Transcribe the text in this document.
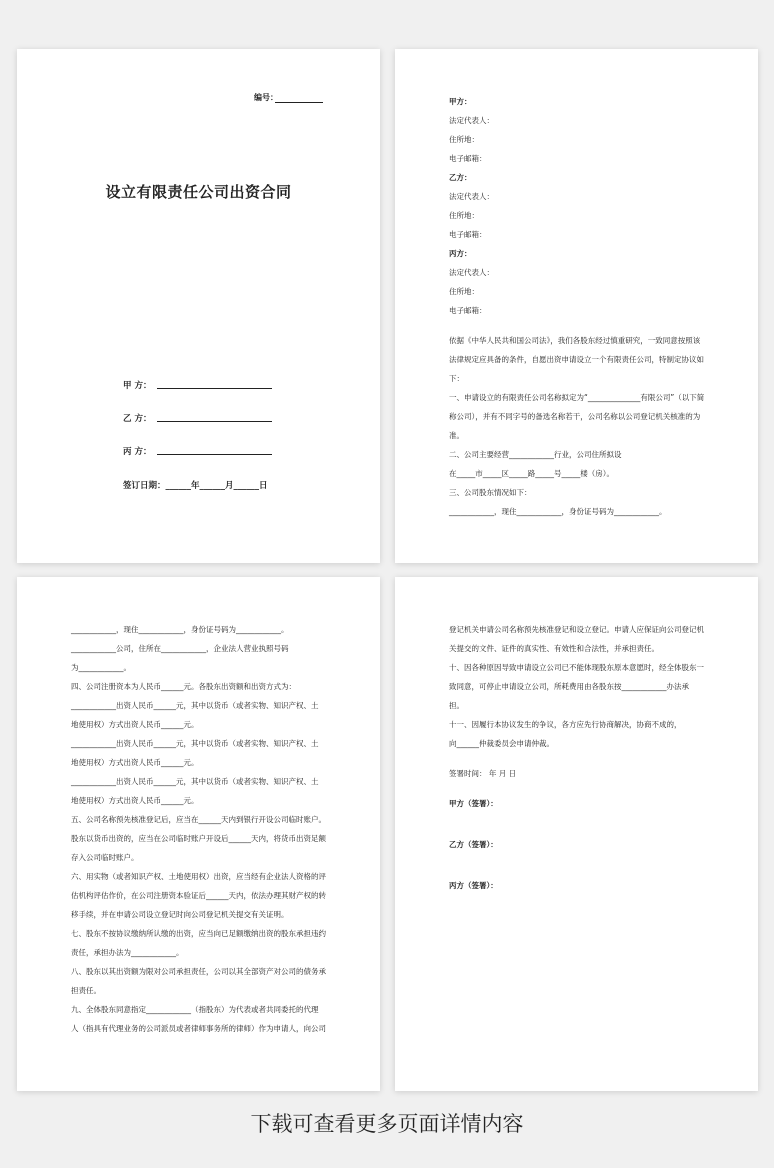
编号：
设立有限责任公司出资合同
甲 方：
乙 方：
丙 方：
签订日期：______年______月______日
甲方：
法定代表人：
住所地：
电子邮箱：
乙方：
法定代表人：
住所地：
电子邮箱：
丙方：
法定代表人：
住所地：
电子邮箱：
依据《中华人民共和国公司法》，我们各股东经过慎重研究，一致同意按照该
法律规定应具备的条件，自愿出资申请设立一个有限责任公司，特制定协议如
下：
一、申请设立的有限责任公司名称拟定为“______________有限公司”（以下简
称公司），并有不同字号的备选名称若干，公司名称以公司登记机关核准的为
准。
二、公司主要经营____________行业，公司住所拟设
在_____市_____区_____路_____号_____楼（房）。
三、公司股东情况如下：
____________，现住____________，身份证号码为____________。
____________，现住____________，身份证号码为____________。
____________公司，住所在____________，企业法人营业执照号码
为____________。
四、公司注册资本为人民币______元。各股东出资额和出资方式为：
____________出资人民币______元，其中以货币（或者实物、知识产权、土
地使用权）方式出资人民币______元。
____________出资人民币______元，其中以货币（或者实物、知识产权、土
地使用权）方式出资人民币______元。
____________出资人民币______元，其中以货币（或者实物、知识产权、土
地使用权）方式出资人民币______元。
五、公司名称预先核准登记后，应当在______天内到银行开设公司临时账户。
股东以货币出资的，应当在公司临时账户开设后______天内，将货币出资足额
存入公司临时账户。
六、用实物（或者知识产权、土地使用权）出资，应当经有企业法人资格的评
估机构评估作价，在公司注册资本验证后______天内，依法办理其财产权的转
移手续，并在申请公司设立登记时向公司登记机关提交有关证明。
七、股东不按协议缴纳所认缴的出资，应当向已足额缴纳出资的股东承担违约
责任，承担办法为____________。
八、股东以其出资额为限对公司承担责任，公司以其全部资产对公司的债务承
担责任。
九、全体股东同意指定____________（指股东）为代表或者共同委托的代理
人（指具有代理业务的公司派员或者律师事务所的律师）作为申请人，向公司
登记机关申请公司名称预先核准登记和设立登记。申请人应保证向公司登记机
关提交的文件、证件的真实性、有效性和合法性，并承担责任。
十、因各种原因导致申请设立公司已不能体现股东原本意愿时，经全体股东一
致同意，可停止申请设立公司，所耗费用由各股东按____________办法承
担。
十一、因履行本协议发生的争议，各方应先行协商解决，协商不成的，
向______仲裁委员会申请仲裁。
签署时间： 年 月 日
甲方（签署）：
乙方（签署）：
丙方（签署）：
下载可查看更多页面详情内容
